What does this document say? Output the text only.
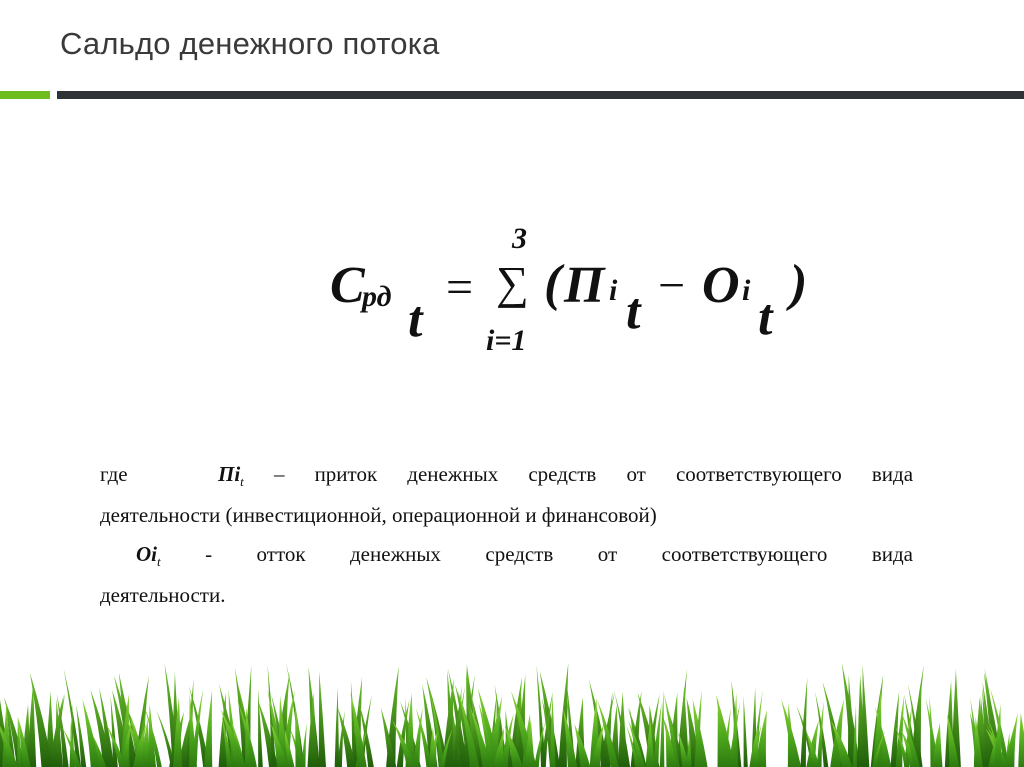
Сальдо денежного потока
С
рд t
=
3
∑
i=1
( П i t − О i t
)
где	$Пi_t$ – приток денежных средств от соответствующего вида
деятельности (инвестиционной, операционной и финансовой)
$Оi_t$ - отток денежных средств от соответствующего вида
деятельности.
